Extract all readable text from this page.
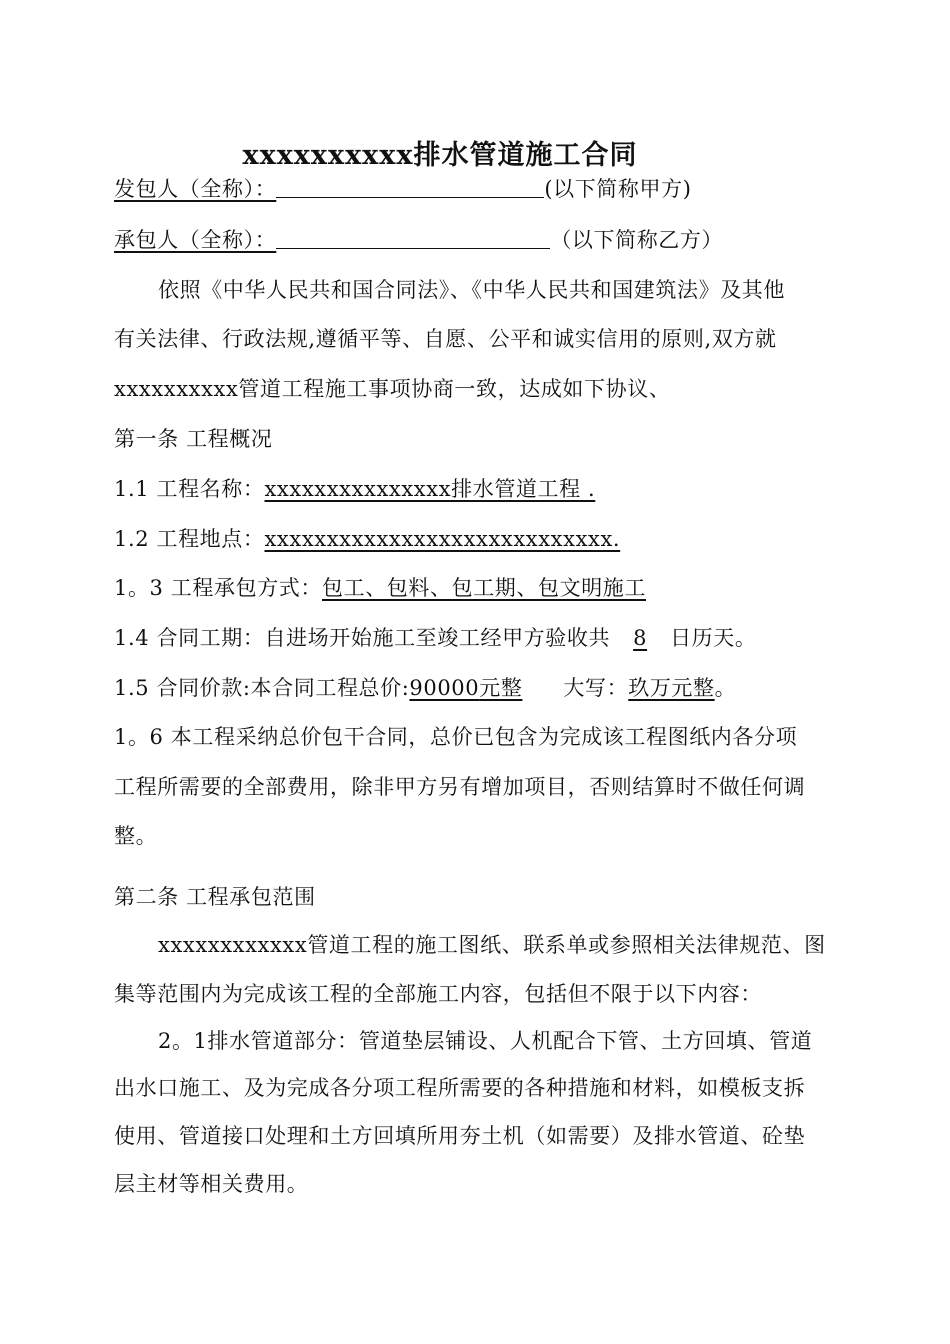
xxxxxxxxxx排水管道施工合同
发包人（全称）：	(以下简称甲方)
承包人（全称）：	（以下简称乙方）
依照《中华人民共和国合同法》、《中华人民共和国建筑法》及其他
有关法律、行政法规,遵循平等、自愿、公平和诚实信用的原则,双方就
xxxxxxxxxx管道工程施工事项协商一致，达成如下协议、
第一条 工程概况
1.1 工程名称：xxxxxxxxxxxxxxx排水管道工程 .
1.2 工程地点：xxxxxxxxxxxxxxxxxxxxxxxxxxxx.
1。3 工程承包方式：包工、包料、包工期、包文明施工
1.4 合同工期：自进场开始施工至竣工经甲方验收共 8 日历天。
1.5 合同价款:本合同工程总价:90000元整 大写：玖万元整。
1。6 本工程采纳总价包干合同，总价已包含为完成该工程图纸内各分项
工程所需要的全部费用，除非甲方另有增加项目，否则结算时不做任何调
整。
第二条 工程承包范围
xxxxxxxxxxxx管道工程的施工图纸、联系单或参照相关法律规范、图
集等范围内为完成该工程的全部施工内容，包括但不限于以下内容：
2。1排水管道部分：管道垫层铺设、人机配合下管、土方回填、管道
出水口施工、及为完成各分项工程所需要的各种措施和材料，如模板支拆
使用、管道接口处理和土方回填所用夯土机（如需要）及排水管道、砼垫
层主材等相关费用。
